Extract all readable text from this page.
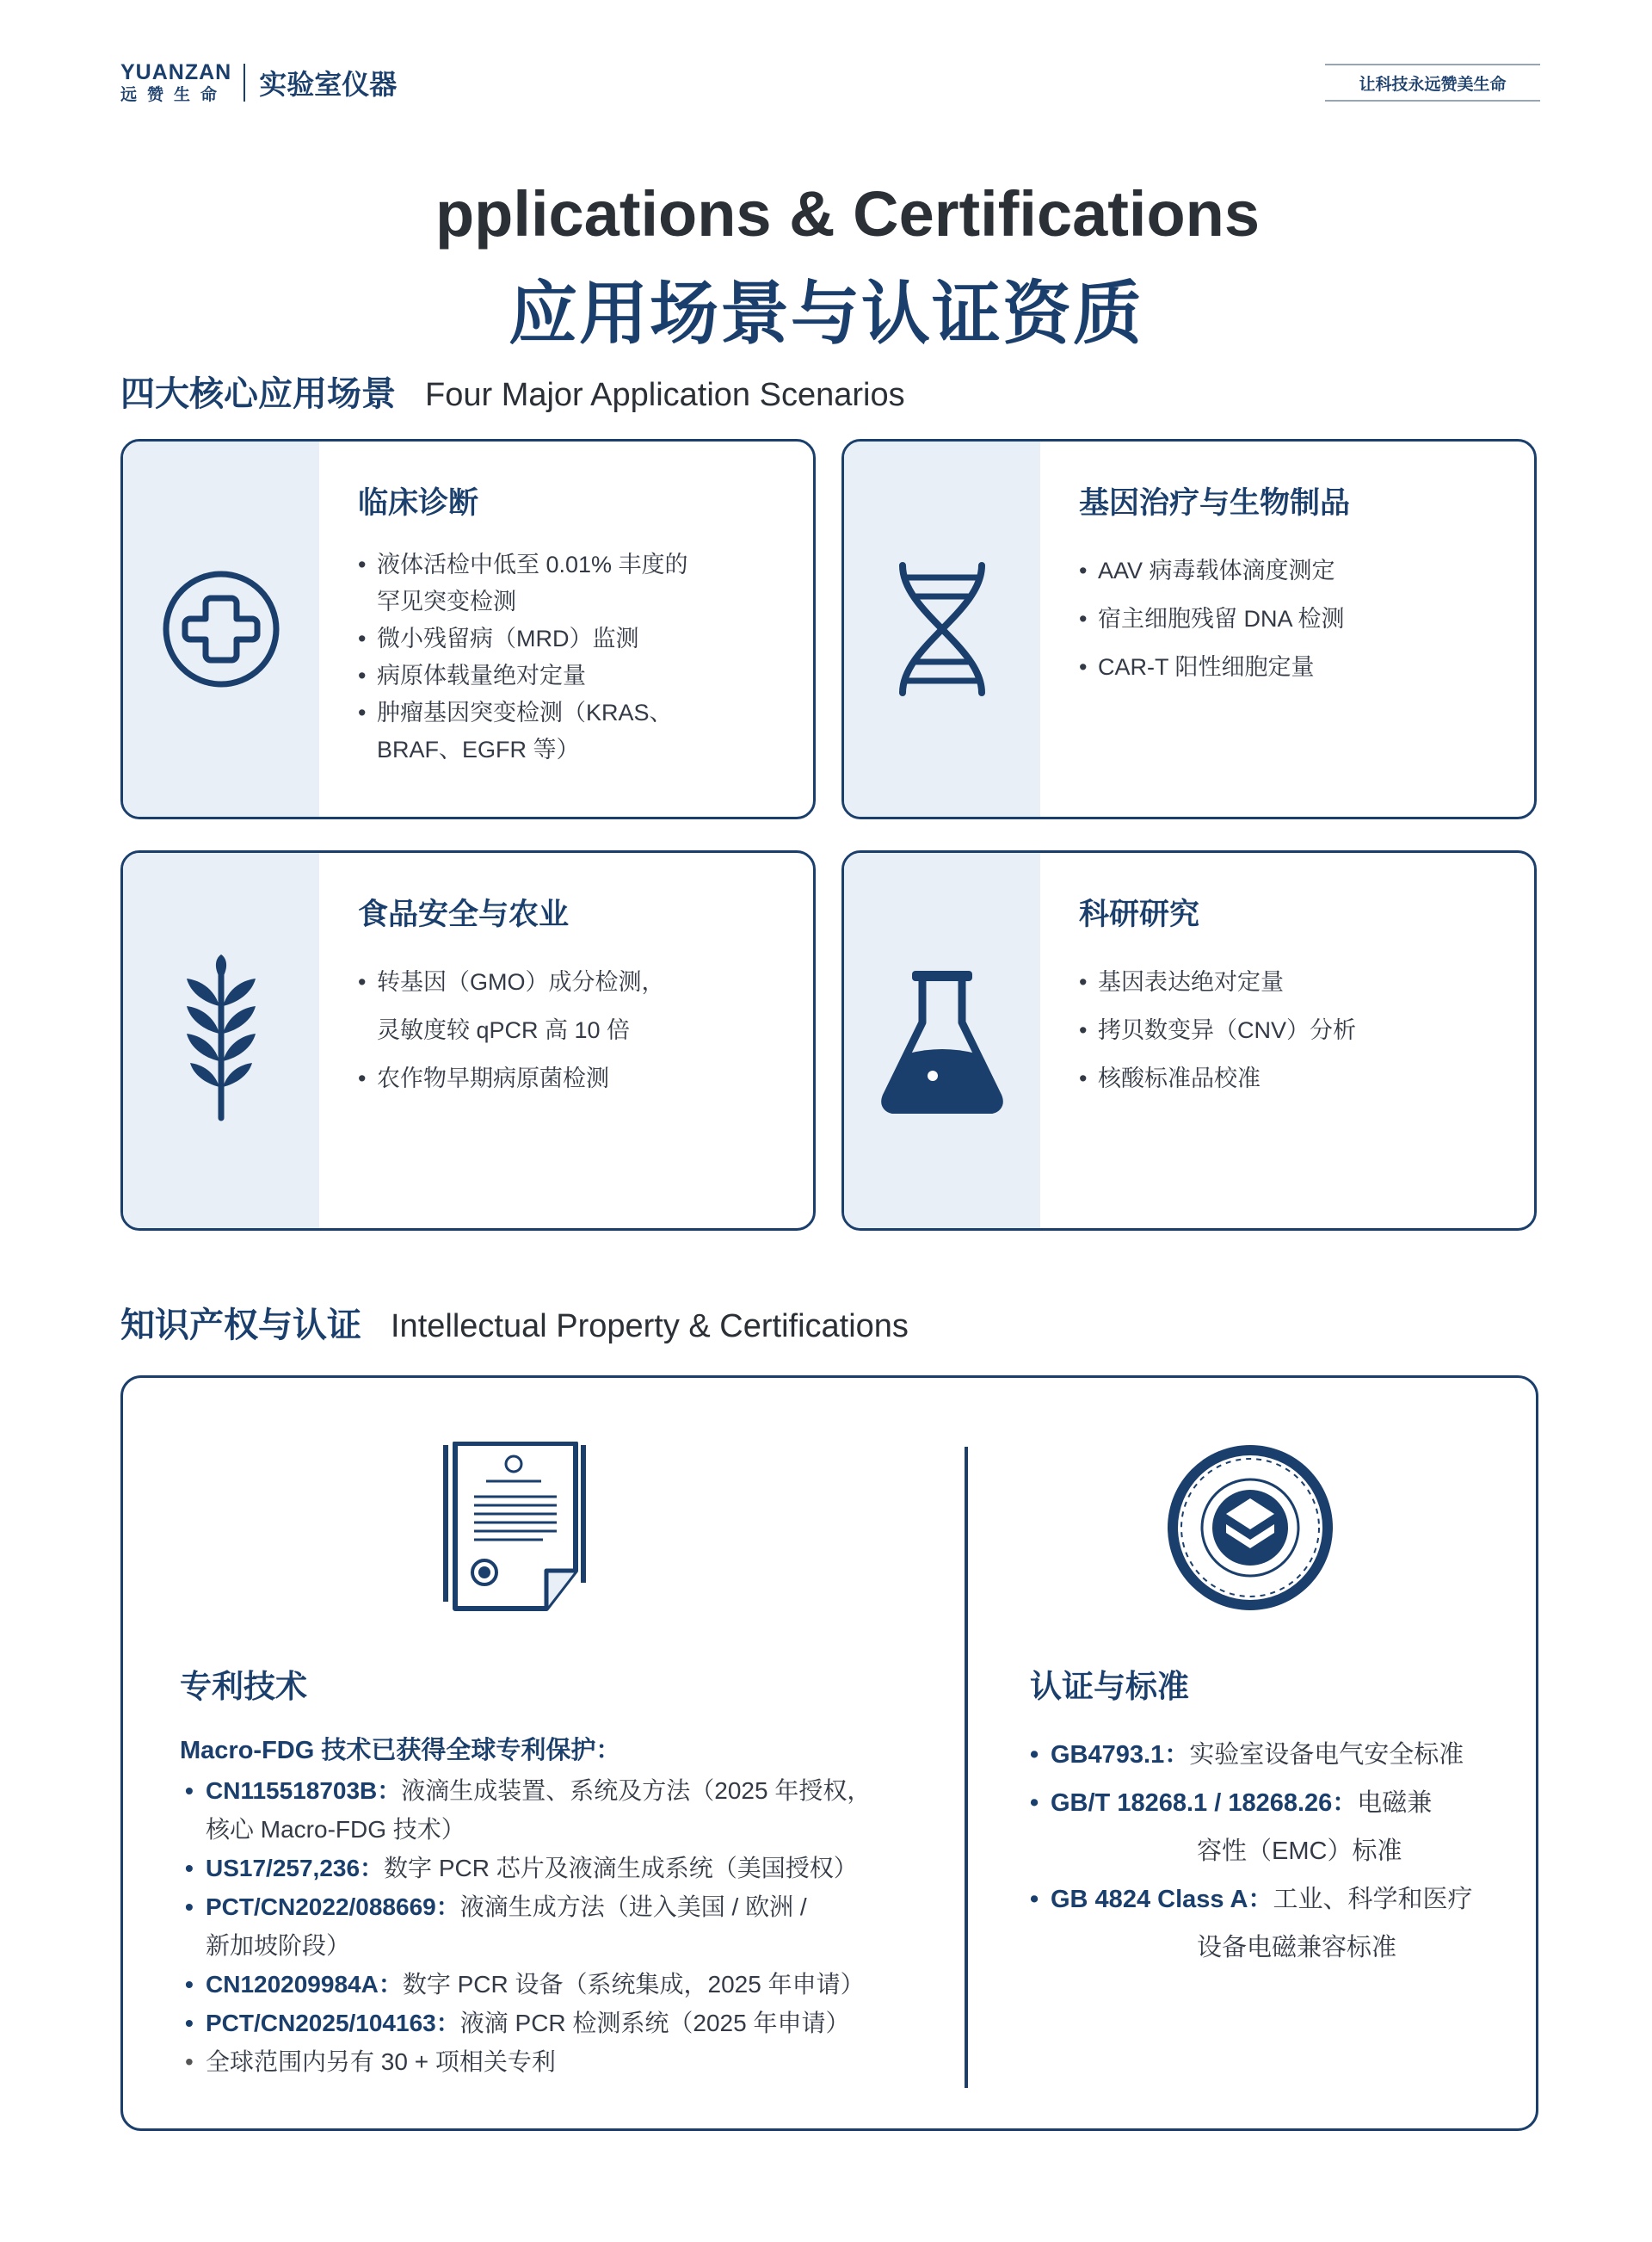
YUANZAN
远赞生命 实验室仪器	让科技永远赞美生命
pplications & Certifications
应用场景与认证资质
四大核心应用场景 Four Major Application Scenarios
临床诊断
• 液体活检中低至 0.01% 丰度的
罕见突变检测
• 微小残留病（MRD）监测
• 病原体载量绝对定量
• 肿瘤基因突变检测（KRAS、
BRAF、EGFR 等）
基因治疗与生物制品
• AAV 病毒载体滴度测定
• 宿主细胞残留 DNA 检测
• CAR-T 阳性细胞定量
食品安全与农业
• 转基因（GMO）成分检测，
灵敏度较 qPCR 高 10 倍
• 农作物早期病原菌检测
科研研究
• 基因表达绝对定量
• 拷贝数变异（CNV）分析
• 核酸标准品校准
知识产权与认证 Intellectual Property & Certifications
专利技术
Macro-FDG 技术已获得全球专利保护：
• CN115518703B：液滴生成装置、系统及方法（2025 年授权，
核心 Macro-FDG 技术）
• US17/257,236：数字 PCR 芯片及液滴生成系统（美国授权）
• PCT/CN2022/088669：液滴生成方法（进入美国 / 欧洲 /
新加坡阶段）
• CN120209984A：数字 PCR 设备（系统集成，2025 年申请）
• PCT/CN2025/104163：液滴 PCR 检测系统（2025 年申请）
• 全球范围内另有 30 + 项相关专利
认证与标准
• GB4793.1：实验室设备电气安全标准
• GB/T 18268.1 / 18268.26：电磁兼
容性（EMC）标准
• GB 4824 Class A：工业、科学和医疗
设备电磁兼容标准
